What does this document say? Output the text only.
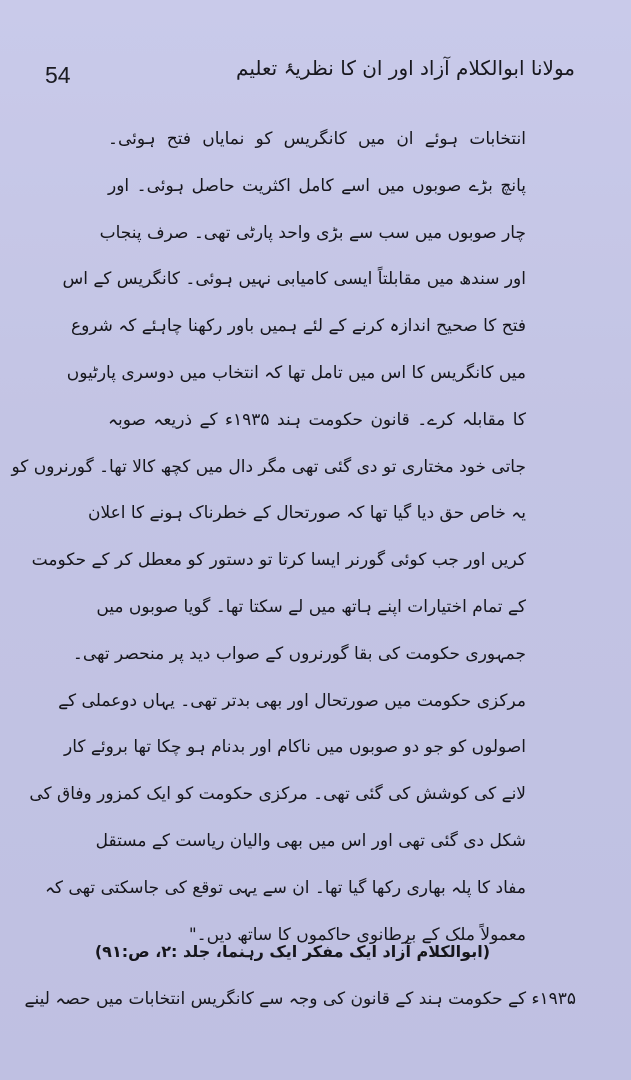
54	مولانا ابوالکلام آزاد اور ان کا نظریۂ تعلیم
انتخابات ہوئے ان میں کانگریس کو نمایاں فتح ہوئی۔
پانچ بڑے صوبوں میں اسے کامل اکثریت حاصل ہوئی۔ اور
چار صوبوں میں سب سے بڑی واحد پارٹی تھی۔ صرف پنجاب
اور سندھ میں مقابلتاً ایسی کامیابی نہیں ہوئی۔ کانگریس کے اس
فتح کا صحیح اندازہ کرنے کے لئے ہمیں باور رکھنا چاہئے کہ شروع
میں کانگریس کا اس میں تامل تھا کہ انتخاب میں دوسری پارٹیوں
کا مقابلہ کرے۔ قانون حکومت ہند ۱۹۳۵ء کے ذریعہ صوبہ
جاتی خود مختاری تو دی گئی تھی مگر دال میں کچھ کالا تھا۔ گورنروں کو
یہ خاص حق دیا گیا تھا کہ صورتحال کے خطرناک ہونے کا اعلان
کریں اور جب کوئی گورنر ایسا کرتا تو دستور کو معطل کر کے حکومت
کے تمام اختیارات اپنے ہاتھ میں لے سکتا تھا۔ گویا صوبوں میں
جمہوری حکومت کی بقا گورنروں کے صواب دید پر منحصر تھی۔
مرکزی حکومت میں صورتحال اور بھی بدتر تھی۔ یہاں دوعملی کے
اصولوں کو جو دو صوبوں میں ناکام اور بدنام ہو چکا تھا بروئے کار
لانے کی کوشش کی گئی تھی۔ مرکزی حکومت کو ایک کمزور وفاق کی
شکل دی گئی تھی اور اس میں بھی والیان ریاست کے مستقل
مفاد کا پلہ بھاری رکھا گیا تھا۔ ان سے یہی توقع کی جاسکتی تھی کہ
معمولاً ملک کے برطانوی حاکموں کا ساتھ دیں۔"
(ابوالکلام آزاد ایک مفکر ایک رہنما، جلد :۲، ص:۹۱)
۱۹۳۵ء کے حکومت ہند کے قانون کی وجہ سے کانگریس انتخابات میں حصہ لینے
